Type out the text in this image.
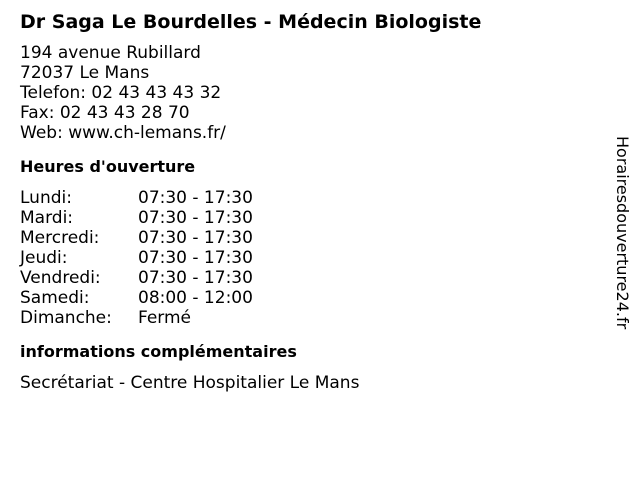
Dr Saga Le Bourdelles - Médecin Biologiste
194 avenue Rubillard
72037 Le Mans
Telefon: 02 43 43 43 32
Fax: 02 43 43 28 70
Web: www.ch-lemans.fr/
Heures d'ouverture
Lundi:	07:30 - 17:30
Mardi:	07:30 - 17:30
Mercredi:	07:30 - 17:30
Jeudi:	07:30 - 17:30
Vendredi:	07:30 - 17:30
Samedi:	08:00 - 12:00
Dimanche:	Fermé
informations complémentaires
Secrétariat - Centre Hospitalier Le Mans
Horairesdouverture24.fr
